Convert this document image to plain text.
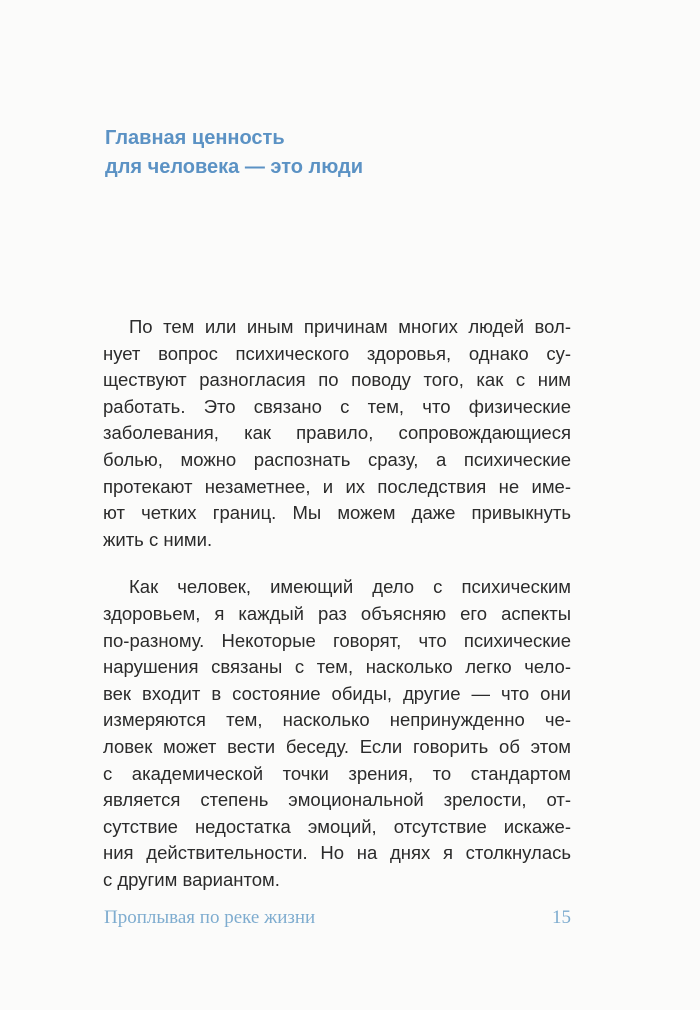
Главная ценность
для человека — это люди

По тем или иным причинам многих людей вол-
нует вопрос психического здоровья, однако су-
ществуют разногласия по поводу того, как с ним
работать. Это связано с тем, что физические
заболевания, как правило, сопровождающиеся
болью, можно распознать сразу, а психические
протекают незаметнее, и их последствия не име-
ют четких границ. Мы можем даже привыкнуть
жить с ними.

Как человек, имеющий дело с психическим
здоровьем, я каждый раз объясняю его аспекты
по-разному. Некоторые говорят, что психические
нарушения связаны с тем, насколько легко чело-
век входит в состояние обиды, другие — что они
измеряются тем, насколько непринужденно че-
ловек может вести беседу. Если говорить об этом
с академической точки зрения, то стандартом
является степень эмоциональной зрелости, от-
сутствие недостатка эмоций, отсутствие искаже-
ния действительности. Но на днях я столкнулась
с другим вариантом.

Проплывая по реке жизни	15
